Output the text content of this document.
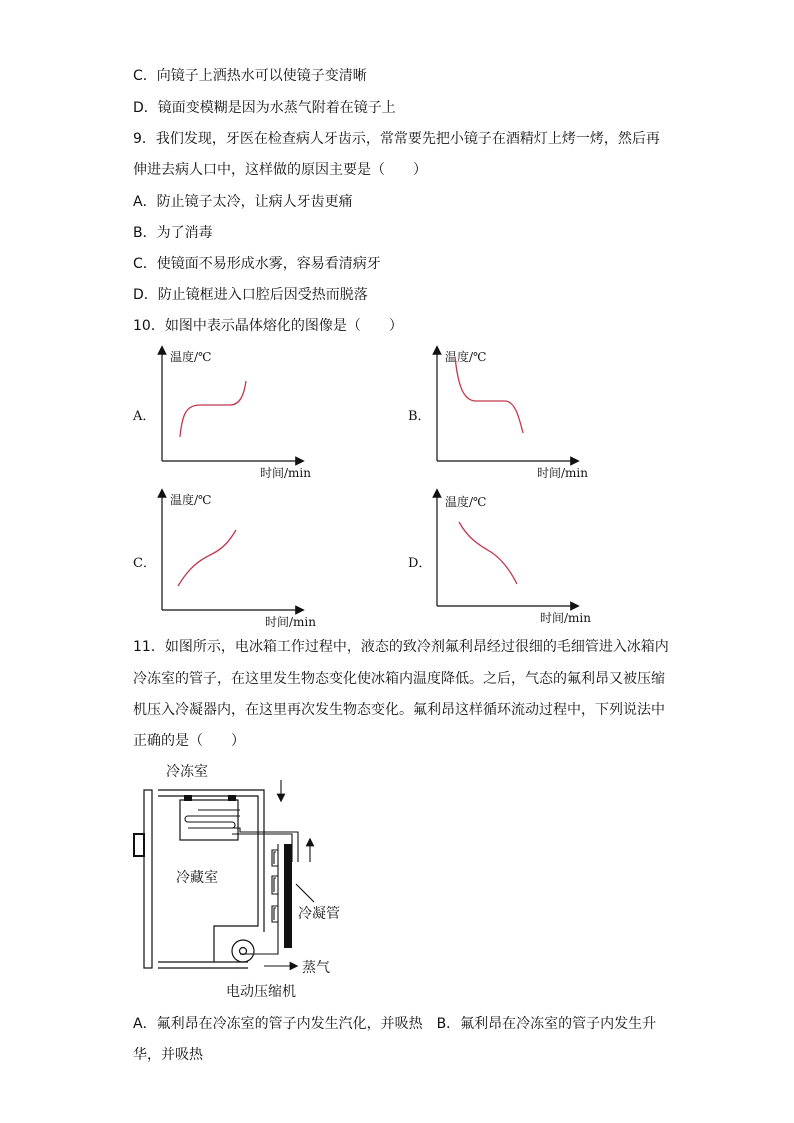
C．向镜子上洒热水可以使镜子变清晰
D．镜面变模糊是因为水蒸气附着在镜子上
9．我们发现，牙医在检查病人牙齿示，常常要先把小镜子在酒精灯上烤一烤，然后再
伸进去病人口中，这样做的原因主要是（　　）
A．防止镜子太冷，让病人牙齿更痛
B．为了消毒
C．使镜面不易形成水雾，容易看清病牙
D．防止镜框进入口腔后因受热而脱落
10．如图中表示晶体熔化的图像是（　　）
A．
温度/℃
时间/min
B．
温度/℃
时间/min
C．
温度/℃
时间/min
D．
温度/℃
时间/min
11．如图所示，电冰箱工作过程中，液态的致冷剂氟利昂经过很细的毛细管进入冰箱内
冷冻室的管子，在这里发生物态变化使冰箱内温度降低。之后，气态的氟利昂又被压缩
机压入冷凝器内，在这里再次发生物态变化。氟利昂这样循环流动过程中，下列说法中
正确的是（　　）
冷冻室
冷藏室
冷凝管
蒸气
电动压缩机
A．氟利昂在冷冻室的管子内发生汽化，并吸热　B．氟利昂在冷冻室的管子内发生升
华，并吸热
